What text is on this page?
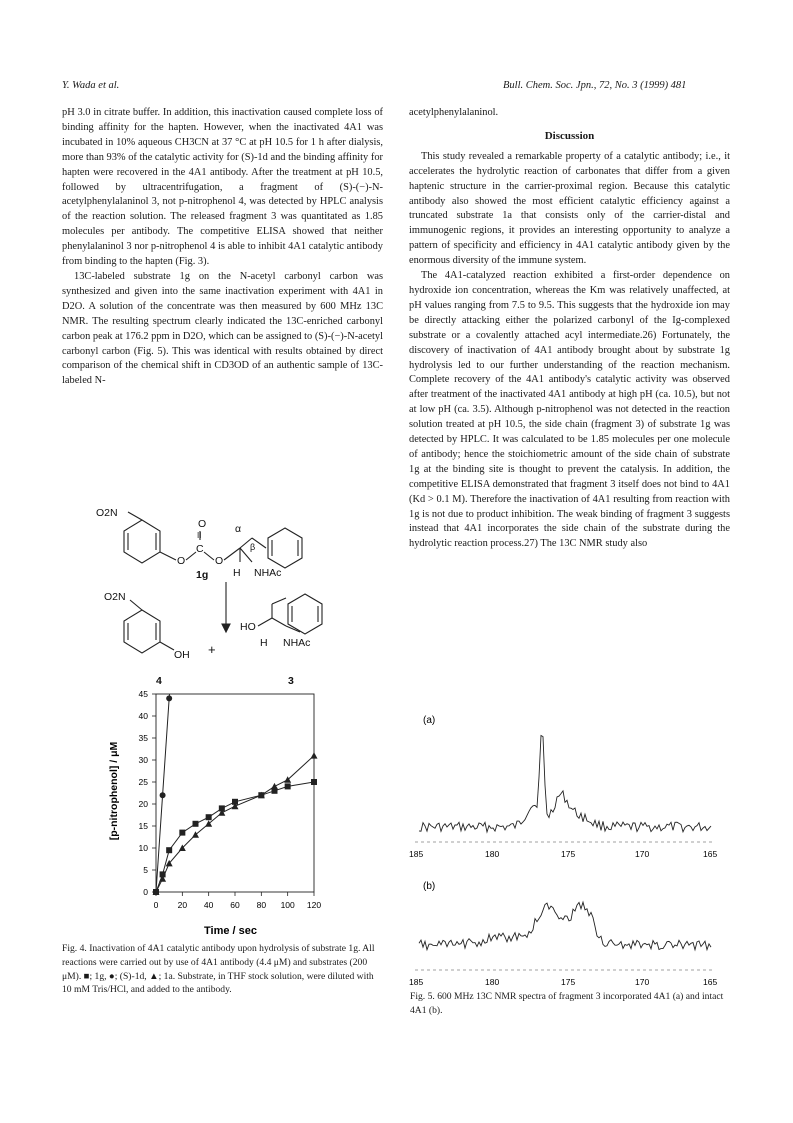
Y. Wada et al.	Bull. Chem. Soc. Jpn., 72, No. 3 (1999) 481

pH 3.0 in citrate buffer. In addition, this inactivation caused complete loss of binding affinity for the hapten. However, when the inactivated 4A1 was incubated in 10% aqueous CH3CN at 37 °C at pH 10.5 for 1 h after dialysis, more than 93% of the catalytic activity for (S)-1d and the binding affinity for hapten were recovered in the 4A1 antibody. After the treatment at pH 10.5, followed by ultracentrifugation, a fragment of (S)-(−)-N-acetylphenylalaninol 3, not p-nitrophenol 4, was detected by HPLC analysis of the reaction solution. The released fragment 3 was quantitated as 1.85 molecules per antibody. The competitive ELISA showed that neither phenylalaninol 3 nor p-nitrophenol 4 is able to inhibit 4A1 catalytic antibody from binding to the hapten (Fig. 3).

13C-labeled substrate 1g on the N-acetyl carbonyl carbon was synthesized and given into the same inactivation experiment with 4A1 in D2O. A solution of the concentrate was then measured by 600 MHz 13C NMR. The resulting spectrum clearly indicated the 13C-enriched carbonyl carbon peak at 176.2 ppm in D2O, which can be assigned to (S)-(−)-N-acetyl carbonyl carbon (Fig. 5). This was identical with results obtained by direct comparison of the chemical shift in CD3OD of an authentic sample of 13C-labeled N-

acetylphenylalaninol.

Discussion

This study revealed a remarkable property of a catalytic antibody; i.e., it accelerates the hydrolytic reaction of carbonates that differ from a given haptenic structure in the carrier-proximal region. Because this catalytic antibody also showed the most efficient catalytic efficiency against a truncated substrate 1a that consists only of the carrier-distal and immunogenic regions, it provides an interesting opportunity to analyze a pattern of specificity and efficiency in 4A1 catalytic antibody given by the enormous diversity of the immune system.

The 4A1-catalyzed reaction exhibited a first-order dependence on hydroxide ion concentration, whereas the Km was relatively unaffected, at pH values ranging from 7.5 to 9.5. This suggests that the hydroxide ion may be directly attacking either the polarized carbonyl of the Ig-complexed substrate or a covalently attached acyl intermediate.26) Fortunately, the discovery of inactivation of 4A1 antibody brought about by substrate 1g hydrolysis led to our further understanding of the reaction mechanism. Complete recovery of the 4A1 antibody's catalytic activity was observed after treatment of the inactivated 4A1 antibody at high pH (ca. 10.5), but not at low pH (ca. 3.5). Although p-nitrophenol was not detected in the reaction solution treated at pH 10.5, the side chain (fragment 3) of substrate 1g was detected by HPLC. It was calculated to be 1.85 molecules per one molecule of antibody; hence the stoichiometric amount of the side chain of substrate 1g at the binding site is thought to prevent the catalysis. In addition, the competitive ELISA demonstrated that fragment 3 itself does not bind to 4A1 (Kd > 0.1 M). Therefore the inactivation of 4A1 resulting from reaction with 1g is not due to product inhibition. The weak binding of fragment 3 suggests instead that 4A1 incorporates the side chain of the substrate during the hydrolytic reaction process.27) The 13C NMR study also

O2N
O
II
O
C
O
α
β
1g H NHAc
O2N
OH +
HO
H NHAc
4	3
0
5
10
15
20
25
30
35
40
45
0 20 40 60 80 100 120
Time / sec
[p-nitrophenol] / μM
Fig. 4. Inactivation of 4A1 catalytic antibody upon hydrolysis of substrate 1g. All reactions were carried out by use of 4A1 antibody (4.4 μM) and substrates (200 μM). ■; 1g, ●; (S)-1d, ▲; 1a. Substrate, in THF stock solution, were diluted with 10 mM Tris/HCl, and added to the antibody.
(a)
(b)
185	180	175	170	165
185	180	175	170	165
Fig. 5. 600 MHz 13C NMR spectra of fragment 3 incorporated 4A1 (a) and intact 4A1 (b).
